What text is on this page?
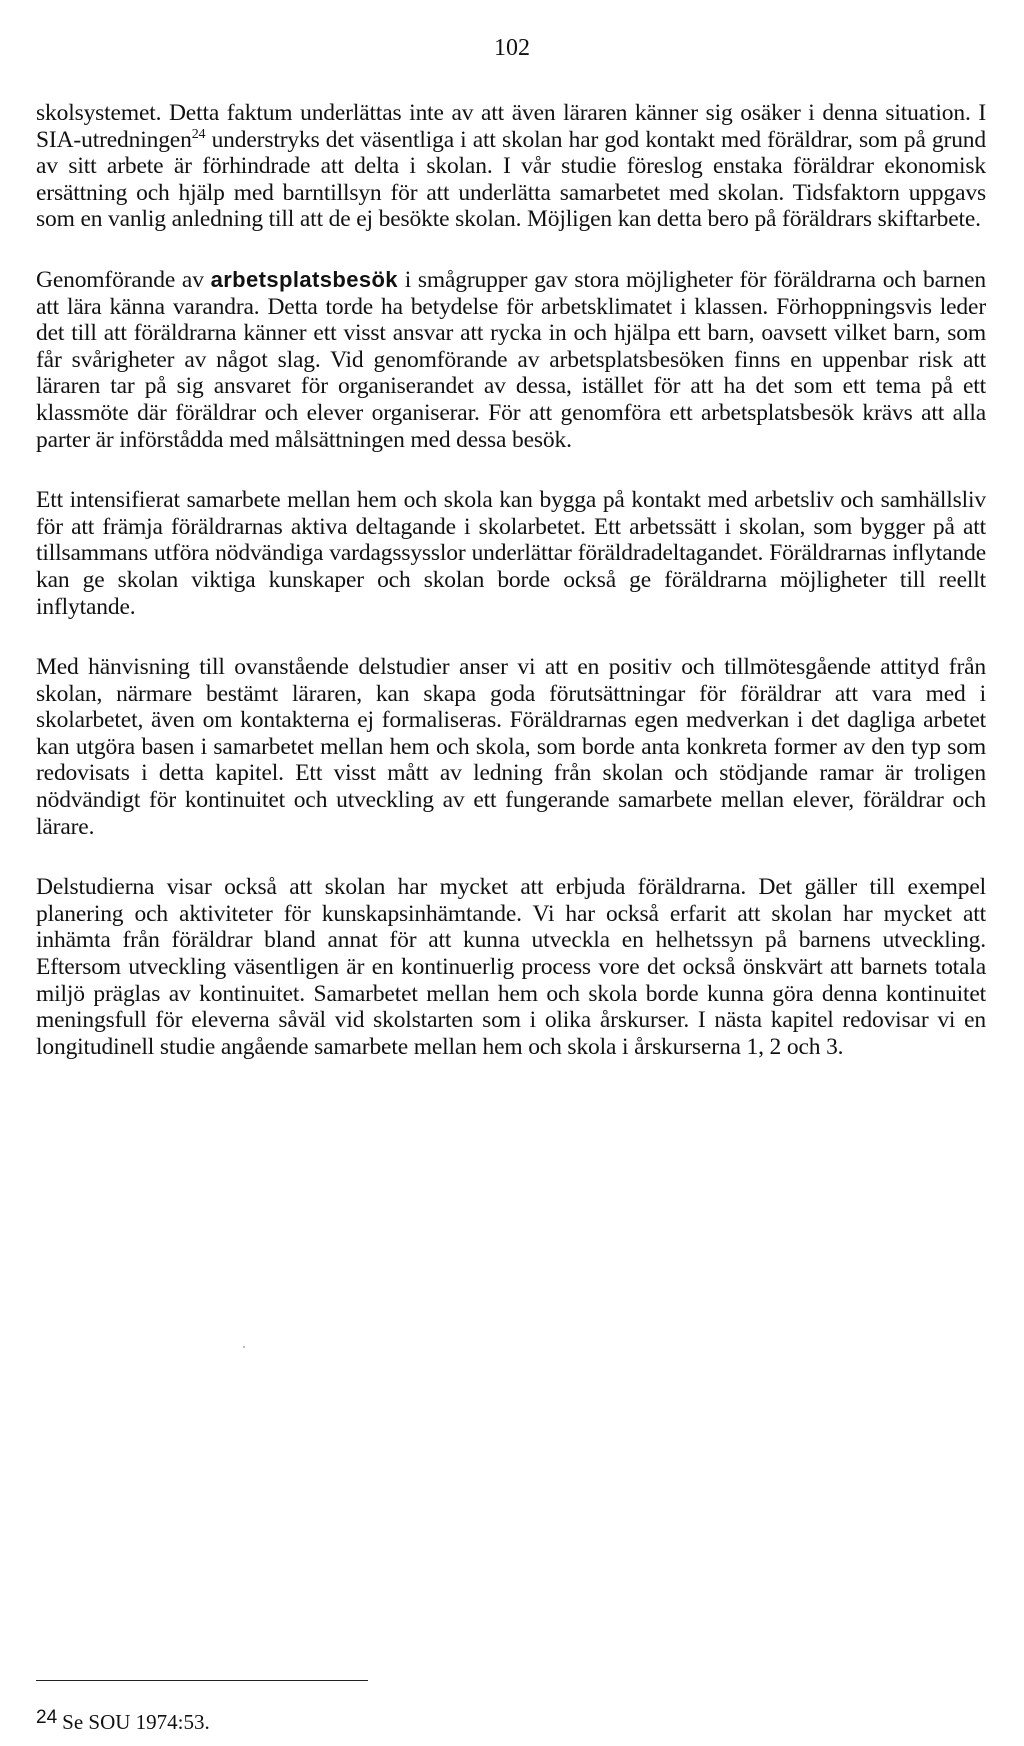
102

skolsystemet. Detta faktum underlättas inte av att även läraren känner sig osäker i denna situation. I SIA-utredningen$^{24}$ understryks det väsentliga i att skolan har god kontakt med föräldrar, som på grund av sitt arbete är förhindrade att delta i skolan. I vår studie föreslog enstaka föräldrar ekonomisk ersättning och hjälp med barntillsyn för att underlätta samarbetet med skolan. Tidsfaktorn uppgavs som en vanlig anledning till att de ej besökte skolan. Möjligen kan detta bero på föräldrars skiftarbete.

Genomförande av arbetsplatsbesök i smågrupper gav stora möjligheter för föräldrarna och barnen att lära känna varandra. Detta torde ha betydelse för arbetsklimatet i klassen. Förhoppningsvis leder det till att föräldrarna känner ett visst ansvar att rycka in och hjälpa ett barn, oavsett vilket barn, som får svårigheter av något slag. Vid genomförande av arbetsplatsbesöken finns en uppenbar risk att läraren tar på sig ansvaret för organiserandet av dessa, istället för att ha det som ett tema på ett klassmöte där föräldrar och elever organiserar. För att genomföra ett arbetsplatsbesök krävs att alla parter är införstådda med målsättningen med dessa besök.

Ett intensifierat samarbete mellan hem och skola kan bygga på kontakt med arbetsliv och samhällsliv för att främja föräldrarnas aktiva deltagande i skolarbetet. Ett arbetssätt i skolan, som bygger på att tillsammans utföra nödvändiga vardagssysslor underlättar föräldradeltagandet. Föräldrarnas inflytande kan ge skolan viktiga kunskaper och skolan borde också ge föräldrarna möjligheter till reellt inflytande.

Med hänvisning till ovanstående delstudier anser vi att en positiv och tillmötesgående attityd från skolan, närmare bestämt läraren, kan skapa goda förutsättningar för föräldrar att vara med i skolarbetet, även om kontakterna ej formaliseras. Föräldrarnas egen medverkan i det dagliga arbetet kan utgöra basen i samarbetet mellan hem och skola, som borde anta konkreta former av den typ som redovisats i detta kapitel. Ett visst mått av ledning från skolan och stödjande ramar är troligen nödvändigt för kontinuitet och utveckling av ett fungerande samarbete mellan elever, föräldrar och lärare.

Delstudierna visar också att skolan har mycket att erbjuda föräldrarna. Det gäller till exempel planering och aktiviteter för kunskapsinhämtande. Vi har också erfarit att skolan har mycket att inhämta från föräldrar bland annat för att kunna utveckla en helhetssyn på barnens utveckling. Eftersom utveckling väsentligen är en kontinuerlig process vore det också önskvärt att barnets totala miljö präglas av kontinuitet. Samarbetet mellan hem och skola borde kunna göra denna kontinuitet meningsfull för eleverna såväl vid skolstarten som i olika årskurser. I nästa kapitel redovisar vi en longitudinell studie angående samarbete mellan hem och skola i årskurserna 1, 2 och 3.

24 Se SOU 1974:53.
